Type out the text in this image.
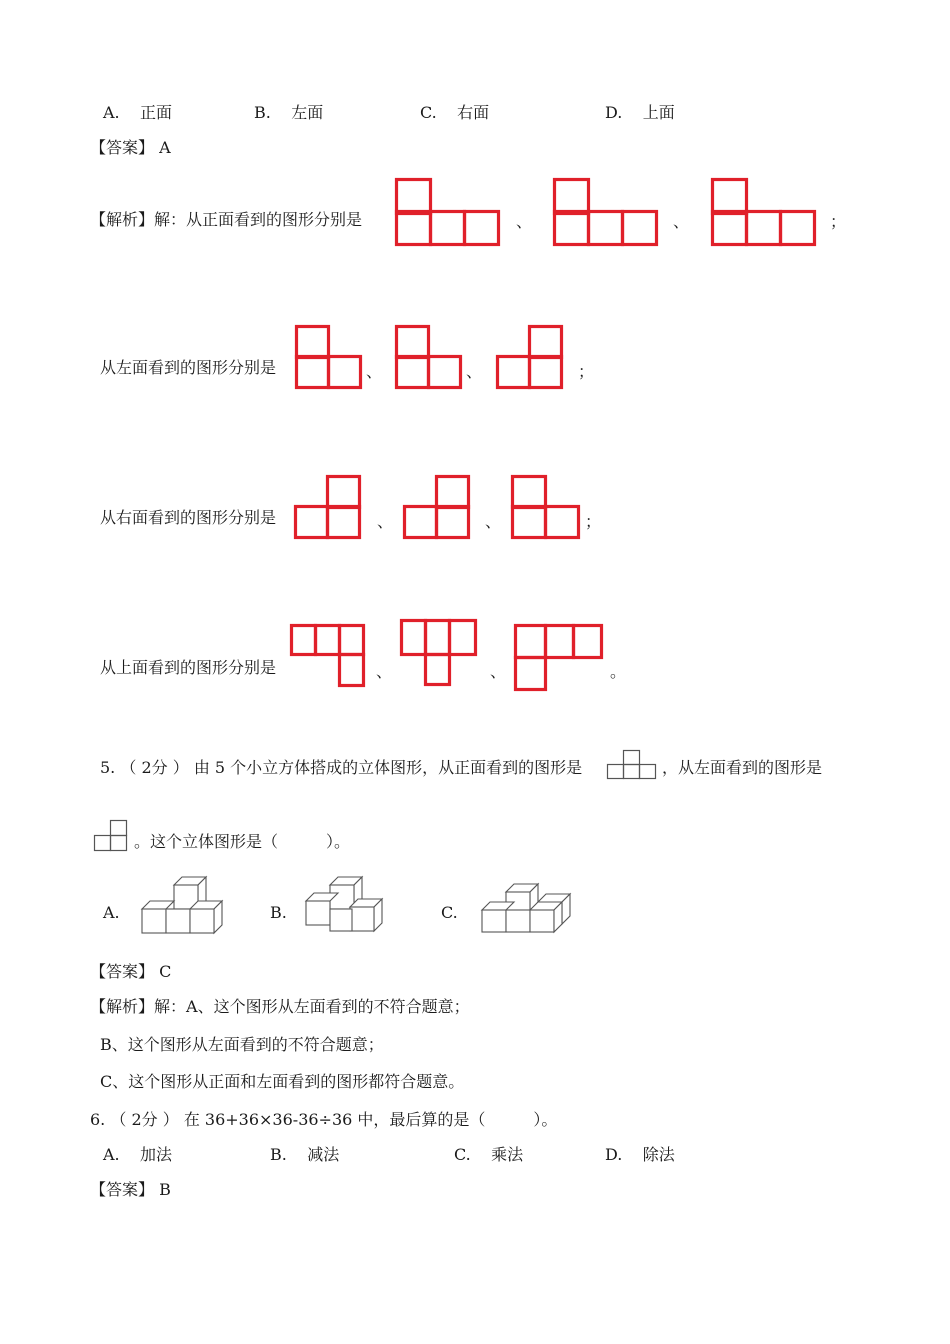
A. 正面	B. 左面	C. 右面	D. 上面
【答案】 A
【解析】解：从正面看到的图形分别是	、	、	；
从左面看到的图形分别是	、	、	；
从右面看到的图形分别是	、	、	；
从上面看到的图形分别是	、	、	。
5. （ 2分 ） 由 5 个小立方体搭成的立体图形，从正面看到的图形是	，从左面看到的图形是
。这个立体图形是（　　　）。
A.	B.	C.
【答案】 C
【解析】解：A、这个图形从左面看到的不符合题意；
B、这个图形从左面看到的不符合题意；
C、这个图形从正面和左面看到的图形都符合题意。
6. （ 2分 ） 在 36+36×36-36÷36 中，最后算的是（　　　）。
A. 加法	B. 减法	C. 乘法	D. 除法
【答案】 B
